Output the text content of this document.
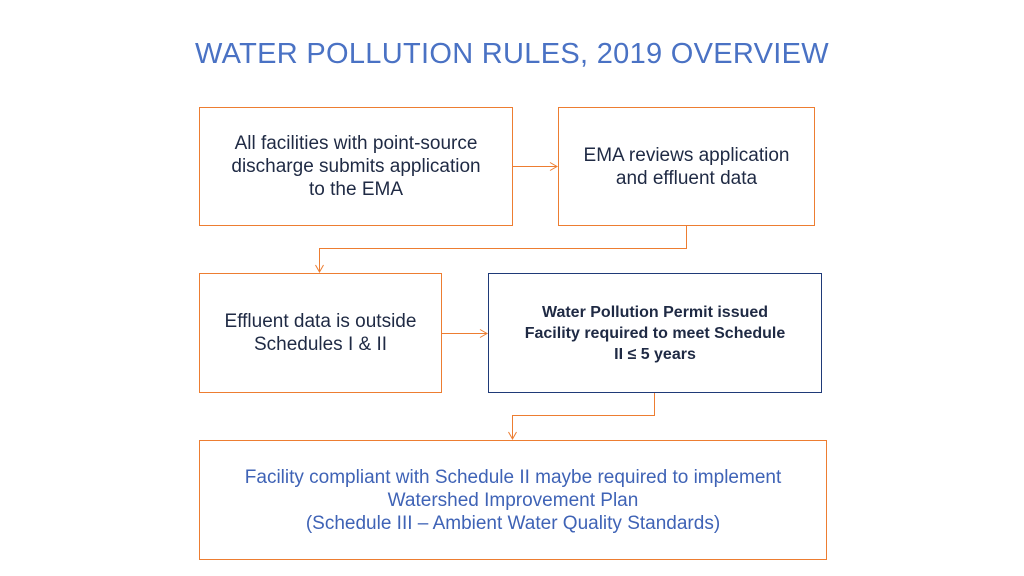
WATER POLLUTION RULES, 2019 OVERVIEW
All facilities with point-source
discharge submits application
to the EMA
EMA reviews application
and effluent data
Effluent data is outside
Schedules I & II
Water Pollution Permit issued
Facility required to meet Schedule
II ≤ 5 years
Facility compliant with Schedule II maybe required to implement
Watershed Improvement Plan
(Schedule III – Ambient Water Quality Standards)
